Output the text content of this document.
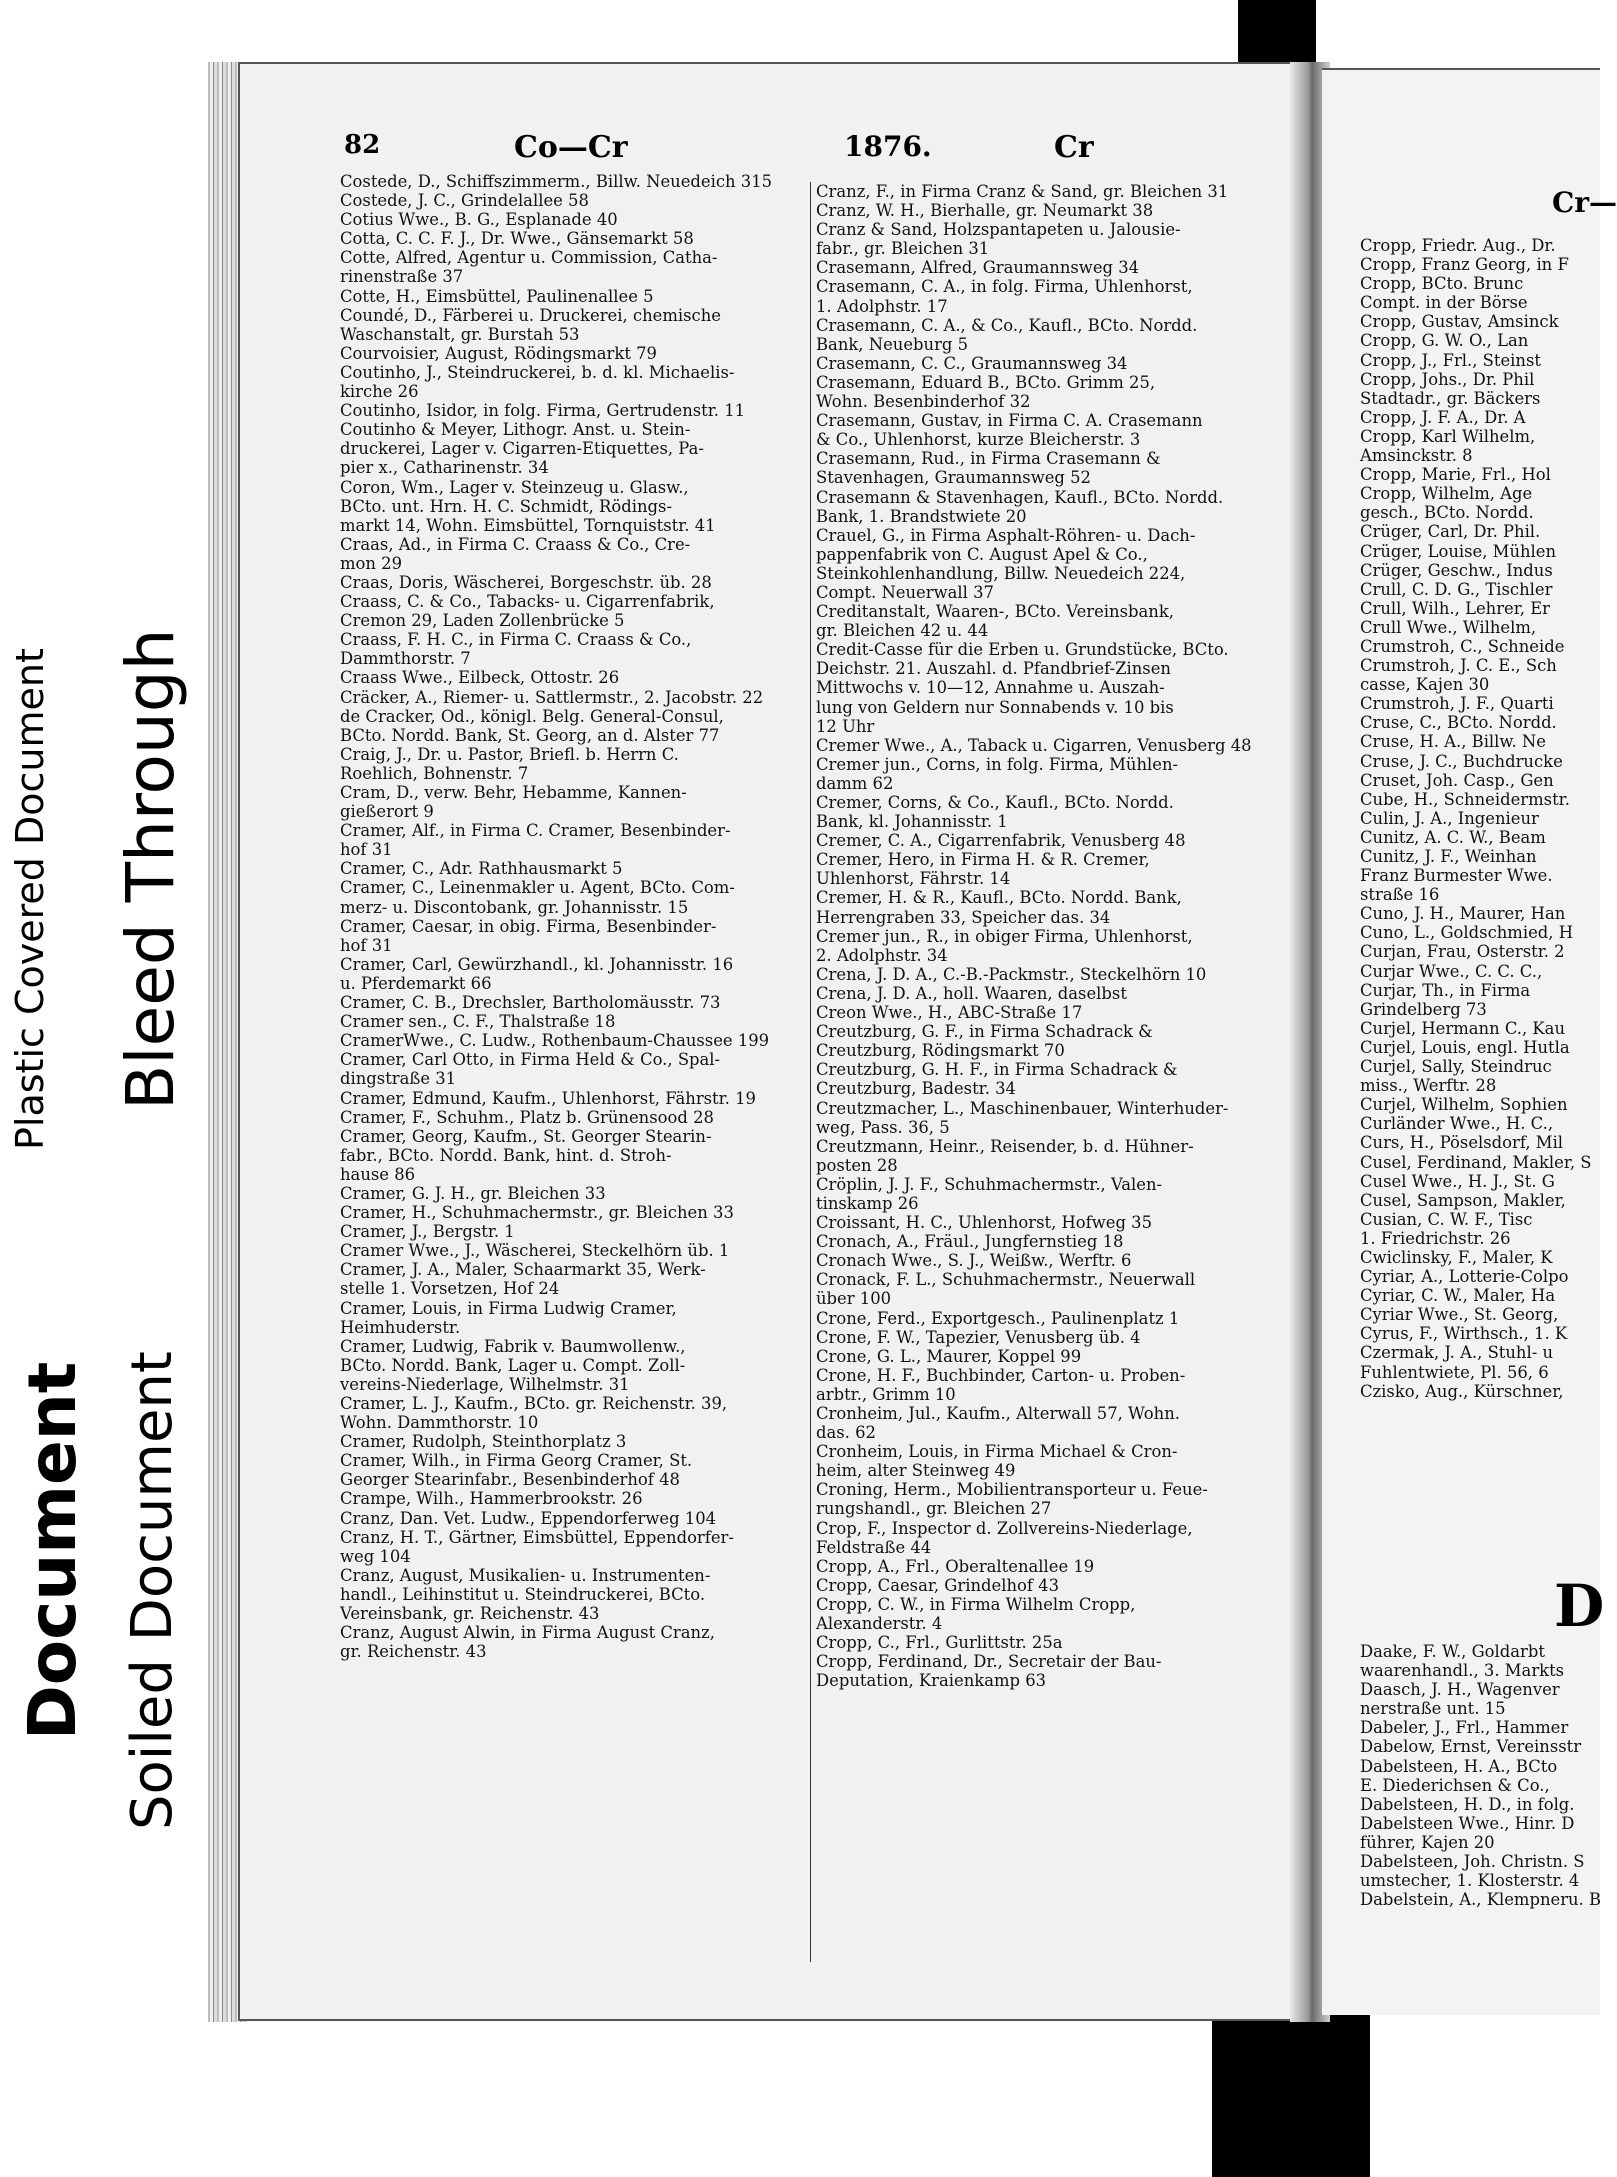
82	Co—Cr	1876.	Cr
Costede, D., Schiffszimmerm., Billw. Neuedeich 315
Costede, J. C., Grindelallee 58
Cotius Wwe., B. G., Esplanade 40
Cotta, C. C. F. J., Dr. Wwe., Gänsemarkt 58
Cotte, Alfred, Agentur u. Commission, Catha-
rinenstraße 37
Cotte, H., Eimsbüttel, Paulinenallee 5
Coundé, D., Färberei u. Druckerei, chemische
Waschanstalt, gr. Burstah 53
Courvoisier, August, Rödingsmarkt 79
Coutinho, J., Steindruckerei, b. d. kl. Michaelis-
kirche 26
Coutinho, Isidor, in folg. Firma, Gertrudenstr. 11
Coutinho & Meyer, Lithogr. Anst. u. Stein-
druckerei, Lager v. Cigarren-Etiquettes, Pa-
pier x., Catharinenstr. 34
Coron, Wm., Lager v. Steinzeug u. Glasw.,
BCto. unt. Hrn. H. C. Schmidt, Rödings-
markt 14, Wohn. Eimsbüttel, Tornquiststr. 41
Craas, Ad., in Firma C. Craass & Co., Cre-
mon 29
Craas, Doris, Wäscherei, Borgeschstr. üb. 28
Craass, C. & Co., Tabacks- u. Cigarrenfabrik,
Cremon 29, Laden Zollenbrücke 5
Craass, F. H. C., in Firma C. Craass & Co.,
Dammthorstr. 7
Craass Wwe., Eilbeck, Ottostr. 26
Cräcker, A., Riemer- u. Sattlermstr., 2. Jacobstr. 22
de Cracker, Od., königl. Belg. General-Consul,
BCto. Nordd. Bank, St. Georg, an d. Alster 77
Craig, J., Dr. u. Pastor, Briefl. b. Herrn C.
Roehlich, Bohnenstr. 7
Cram, D., verw. Behr, Hebamme, Kannen-
gießerort 9
Cramer, Alf., in Firma C. Cramer, Besenbinder-
hof 31
Cramer, C., Adr. Rathhausmarkt 5
Cramer, C., Leinenmakler u. Agent, BCto. Com-
merz- u. Discontobank, gr. Johannisstr. 15
Cramer, Caesar, in obig. Firma, Besenbinder-
hof 31
Cramer, Carl, Gewürzhandl., kl. Johannisstr. 16
u. Pferdemarkt 66
Cramer, C. B., Drechsler, Bartholomäusstr. 73
Cramer sen., C. F., Thalstraße 18
CramerWwe., C. Ludw., Rothenbaum-Chaussee 199
Cramer, Carl Otto, in Firma Held & Co., Spal-
dingstraße 31
Cramer, Edmund, Kaufm., Uhlenhorst, Fährstr. 19
Cramer, F., Schuhm., Platz b. Grünensood 28
Cramer, Georg, Kaufm., St. Georger Stearin-
fabr., BCto. Nordd. Bank, hint. d. Stroh-
hause 86
Cramer, G. J. H., gr. Bleichen 33
Cramer, H., Schuhmachermstr., gr. Bleichen 33
Cramer, J., Bergstr. 1
Cramer Wwe., J., Wäscherei, Steckelhörn üb. 1
Cramer, J. A., Maler, Schaarmarkt 35, Werk-
stelle 1. Vorsetzen, Hof 24
Cramer, Louis, in Firma Ludwig Cramer,
Heimhuderstr.
Cramer, Ludwig, Fabrik v. Baumwollenw.,
BCto. Nordd. Bank, Lager u. Compt. Zoll-
vereins-Niederlage, Wilhelmstr. 31
Cramer, L. J., Kaufm., BCto. gr. Reichenstr. 39,
Wohn. Dammthorstr. 10
Cramer, Rudolph, Steinthorplatz 3
Cramer, Wilh., in Firma Georg Cramer, St.
Georger Stearinfabr., Besenbinderhof 48
Crampe, Wilh., Hammerbrookstr. 26
Cranz, Dan. Vet. Ludw., Eppendorferweg 104
Cranz, H. T., Gärtner, Eimsbüttel, Eppendorfer-
weg 104
Cranz, August, Musikalien- u. Instrumenten-
handl., Leihinstitut u. Steindruckerei, BCto.
Vereinsbank, gr. Reichenstr. 43
Cranz, August Alwin, in Firma August Cranz,
gr. Reichenstr. 43
Cranz, F., in Firma Cranz & Sand, gr. Bleichen 31
Cranz, W. H., Bierhalle, gr. Neumarkt 38
Cranz & Sand, Holzspantapeten u. Jalousie-
fabr., gr. Bleichen 31
Crasemann, Alfred, Graumannsweg 34
Crasemann, C. A., in folg. Firma, Uhlenhorst,
1. Adolphstr. 17
Crasemann, C. A., & Co., Kaufl., BCto. Nordd.
Bank, Neueburg 5
Crasemann, C. C., Graumannsweg 34
Crasemann, Eduard B., BCto. Grimm 25,
Wohn. Besenbinderhof 32
Crasemann, Gustav, in Firma C. A. Crasemann
& Co., Uhlenhorst, kurze Bleicherstr. 3
Crasemann, Rud., in Firma Crasemann &
Stavenhagen, Graumannsweg 52
Crasemann & Stavenhagen, Kaufl., BCto. Nordd.
Bank, 1. Brandstwiete 20
Crauel, G., in Firma Asphalt-Röhren- u. Dach-
pappenfabrik von C. August Apel & Co.,
Steinkohlenhandlung, Billw. Neuedeich 224,
Compt. Neuerwall 37
Creditanstalt, Waaren-, BCto. Vereinsbank,
gr. Bleichen 42 u. 44
Credit-Casse für die Erben u. Grundstücke, BCto.
Deichstr. 21. Auszahl. d. Pfandbrief-Zinsen
Mittwochs v. 10—12, Annahme u. Auszah-
lung von Geldern nur Sonnabends v. 10 bis
12 Uhr
Cremer Wwe., A., Taback u. Cigarren, Venusberg 48
Cremer jun., Corns, in folg. Firma, Mühlen-
damm 62
Cremer, Corns, & Co., Kaufl., BCto. Nordd.
Bank, kl. Johannisstr. 1
Cremer, C. A., Cigarrenfabrik, Venusberg 48
Cremer, Hero, in Firma H. & R. Cremer,
Uhlenhorst, Fährstr. 14
Cremer, H. & R., Kaufl., BCto. Nordd. Bank,
Herrengraben 33, Speicher das. 34
Cremer jun., R., in obiger Firma, Uhlenhorst,
2. Adolphstr. 34
Crena, J. D. A., C.-B.-Packmstr., Steckelhörn 10
Crena, J. D. A., holl. Waaren, daselbst
Creon Wwe., H., ABC-Straße 17
Creutzburg, G. F., in Firma Schadrack &
Creutzburg, Rödingsmarkt 70
Creutzburg, G. H. F., in Firma Schadrack &
Creutzburg, Badestr. 34
Creutzmacher, L., Maschinenbauer, Winterhuder-
weg, Pass. 36, 5
Creutzmann, Heinr., Reisender, b. d. Hühner-
posten 28
Cröplin, J. J. F., Schuhmachermstr., Valen-
tinskamp 26
Croissant, H. C., Uhlenhorst, Hofweg 35
Cronach, A., Fräul., Jungfernstieg 18
Cronach Wwe., S. J., Weißw., Werftr. 6
Cronack, F. L., Schuhmachermstr., Neuerwall
über 100
Crone, Ferd., Exportgesch., Paulinenplatz 1
Crone, F. W., Tapezier, Venusberg üb. 4
Crone, G. L., Maurer, Koppel 99
Crone, H. F., Buchbinder, Carton- u. Proben-
arbtr., Grimm 10
Cronheim, Jul., Kaufm., Alterwall 57, Wohn.
das. 62
Cronheim, Louis, in Firma Michael & Cron-
heim, alter Steinweg 49
Croning, Herm., Mobilientransporteur u. Feue-
rungshandl., gr. Bleichen 27
Crop, F., Inspector d. Zollvereins-Niederlage,
Feldstraße 44
Cropp, A., Frl., Oberaltenallee 19
Cropp, Caesar, Grindelhof 43
Cropp, C. W., in Firma Wilhelm Cropp,
Alexanderstr. 4
Cropp, C., Frl., Gurlittstr. 25a
Cropp, Ferdinand, Dr., Secretair der Bau-
Deputation, Kraienkamp 63
Cr—
Cropp, Friedr. Aug., Dr.
Cropp, Franz Georg, in F
Cropp, BCto. Brunc
Compt. in der Börse
Cropp, Gustav, Amsinck
Cropp, G. W. O., Lan
Cropp, J., Frl., Steinst
Cropp, Johs., Dr. Phil
Stadtadr., gr. Bäckers
Cropp, J. F. A., Dr. A
Cropp, Karl Wilhelm,
Amsinckstr. 8
Cropp, Marie, Frl., Hol
Cropp, Wilhelm, Age
gesch., BCto. Nordd.
Crüger, Carl, Dr. Phil.
Crüger, Louise, Mühlen
Crüger, Geschw., Indus
Crull, C. D. G., Tischler
Crull, Wilh., Lehrer, Er
Crull Wwe., Wilhelm,
Crumstroh, C., Schneide
Crumstroh, J. C. E., Sch
casse, Kajen 30
Crumstroh, J. F., Quarti
Cruse, C., BCto. Nordd.
Cruse, H. A., Billw. Ne
Cruse, J. C., Buchdrucke
Cruset, Joh. Casp., Gen
Cube, H., Schneidermstr.
Culin, J. A., Ingenieur
Cunitz, A. C. W., Beam
Cunitz, J. F., Weinhan
Franz Burmester Wwe.
straße 16
Cuno, J. H., Maurer, Han
Cuno, L., Goldschmied, H
Curjan, Frau, Osterstr. 2
Curjar Wwe., C. C. C.,
Curjar, Th., in Firma
Grindelberg 73
Curjel, Hermann C., Kau
Curjel, Louis, engl. Hutla
Curjel, Sally, Steindruc
miss., Werftr. 28
Curjel, Wilhelm, Sophien
Curländer Wwe., H. C.,
Curs, H., Pöselsdorf, Mil
Cusel, Ferdinand, Makler, S
Cusel Wwe., H. J., St. G
Cusel, Sampson, Makler,
Cusian, C. W. F., Tisc
1. Friedrichstr. 26
Cwiclinsky, F., Maler, K
Cyriar, A., Lotterie-Colpo
Cyriar, C. W., Maler, Ha
Cyriar Wwe., St. Georg,
Cyrus, F., Wirthsch., 1. K
Czermak, J. A., Stuhl- u
Fuhlentwiete, Pl. 56, 6
Czisko, Aug., Kürschner,
D
Daake, F. W., Goldarbt
waarenhandl., 3. Markts
Daasch, J. H., Wagenver
nerstraße unt. 15
Dabeler, J., Frl., Hammer
Dabelow, Ernst, Vereinsstr
Dabelsteen, H. A., BCto
E. Diederichsen & Co.,
Dabelsteen, H. D., in folg.
Dabelsteen Wwe., Hinr. D
führer, Kajen 20
Dabelsteen, Joh. Christn. S
umstecher, 1. Klosterstr. 4
Dabelstein, A., Klempneru. B
Plastic Covered Document Bleed Through
Document Soiled Document
